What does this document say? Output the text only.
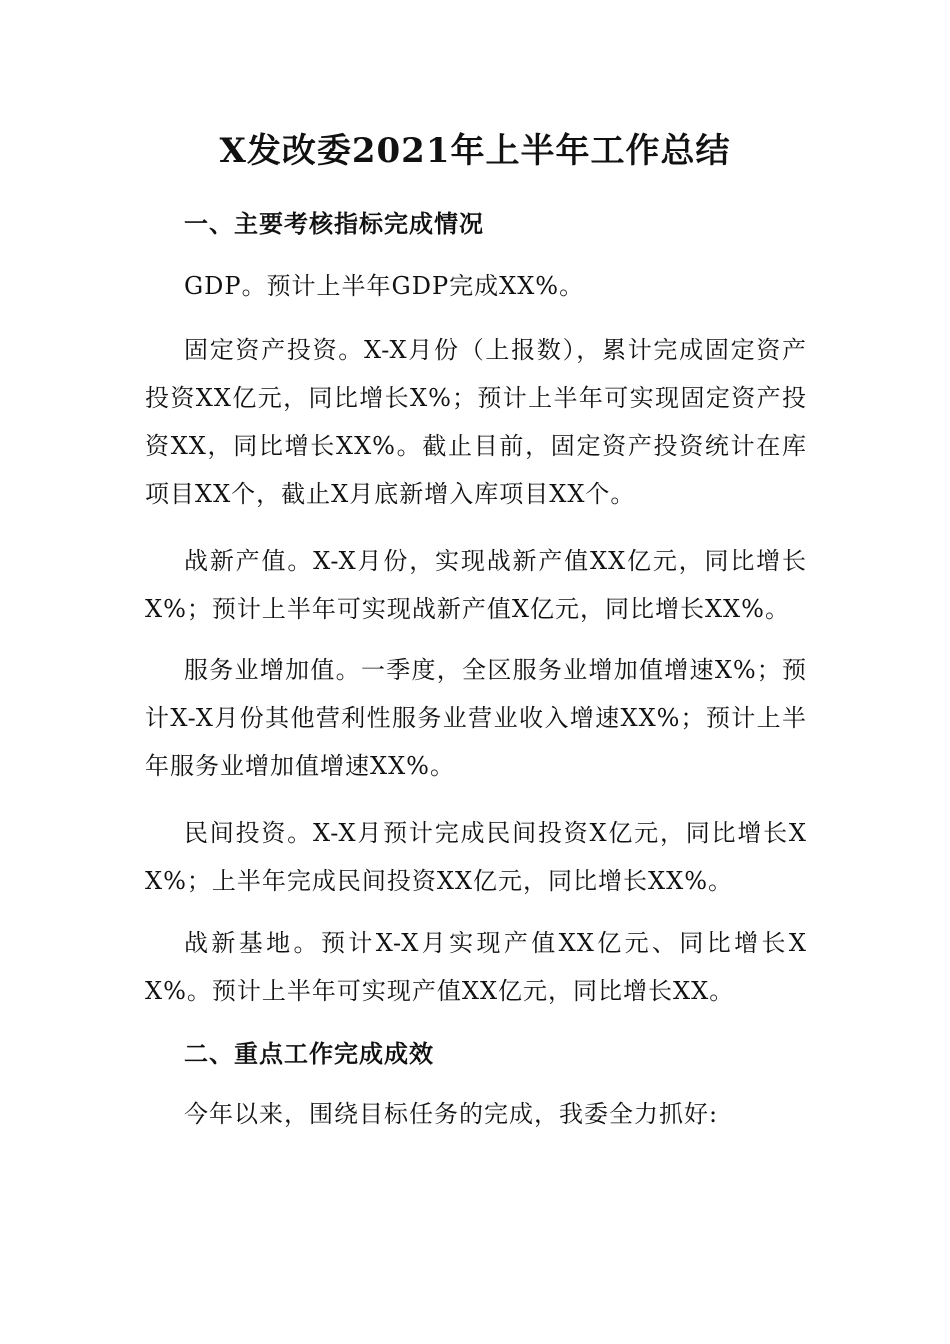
X发改委2021年上半年工作总结
一、主要考核指标完成情况
GDP。预计上半年GDP完成XX%。
固定资产投资。X-X月份（上报数），累计完成固定资产投资XX亿元，同比增长X%；预计上半年可实现固定资产投资XX，同比增长XX%。截止目前，固定资产投资统计在库项目XX个，截止X月底新增入库项目XX个。
战新产值。X-X月份，实现战新产值XX亿元，同比增长X%；预计上半年可实现战新产值X亿元，同比增长XX%。
服务业增加值。一季度，全区服务业增加值增速X%；预计X-X月份其他营利性服务业营业收入增速XX%；预计上半年服务业增加值增速XX%。
民间投资。X-X月预计完成民间投资X亿元，同比增长XX%；上半年完成民间投资XX亿元，同比增长XX%。
战新基地。预计X-X月实现产值XX亿元、同比增长XX%。预计上半年可实现产值XX亿元，同比增长XX。
二、重点工作完成成效
今年以来，围绕目标任务的完成，我委全力抓好:
